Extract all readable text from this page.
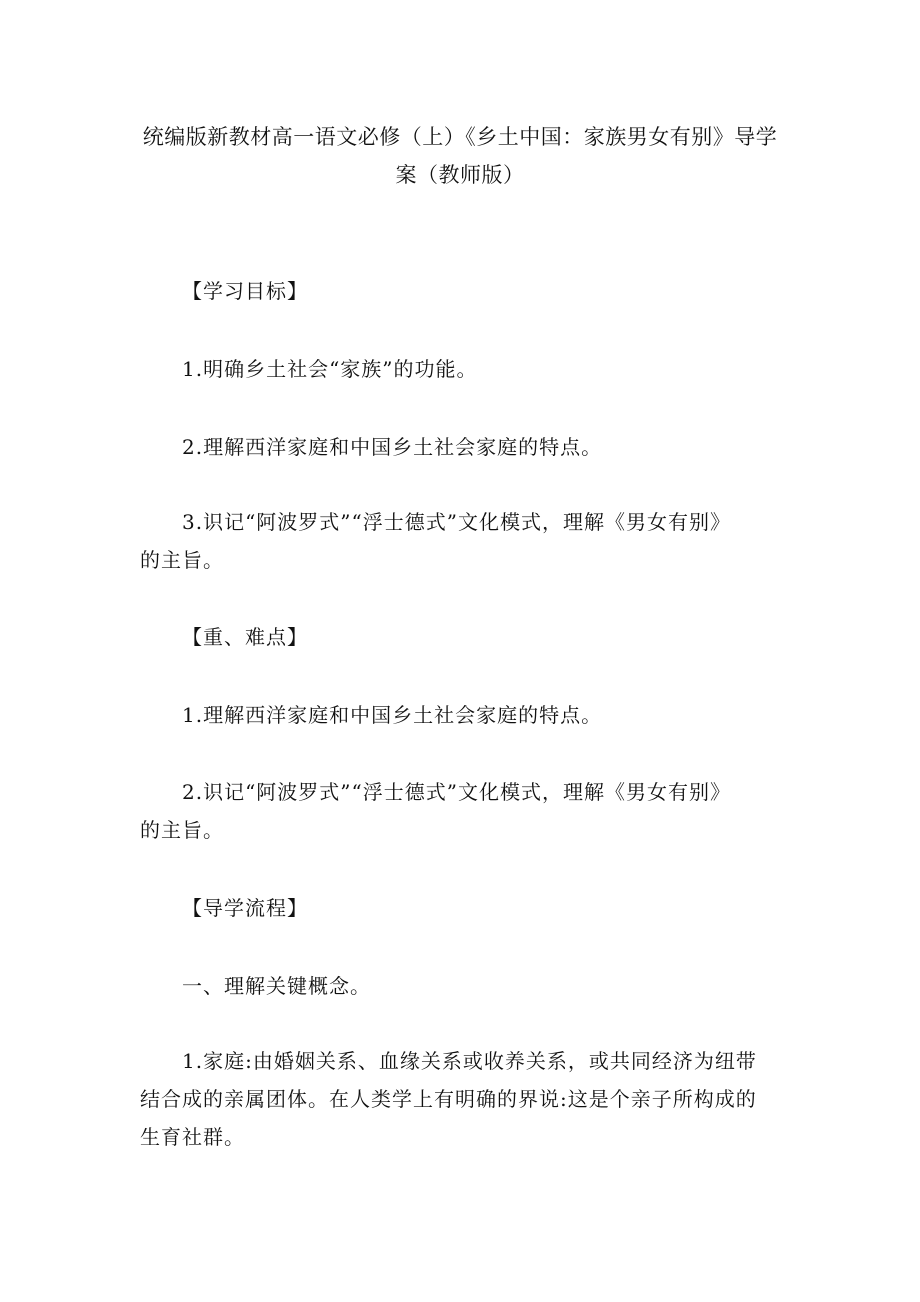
统编版新教材高一语文必修（上）《乡土中国：家族男女有别》导学
案（教师版）
【学习目标】
1.明确乡土社会“家族”的功能。
2.理解西洋家庭和中国乡土社会家庭的特点。

3.识记“阿波罗式”“浮士德式”文化模式，理解《男女有别》

的主旨。

【重、难点】
1.理解西洋家庭和中国乡土社会家庭的特点。

2.识记“阿波罗式”“浮士德式”文化模式，理解《男女有别》

的主旨。

【导学流程】
一、理解关键概念。

1.家庭:由婚姻关系、血缘关系或收养关系，或共同经济为纽带

结合成的亲属团体。在人类学上有明确的界说:这是个亲子所构成的

生育社群。
